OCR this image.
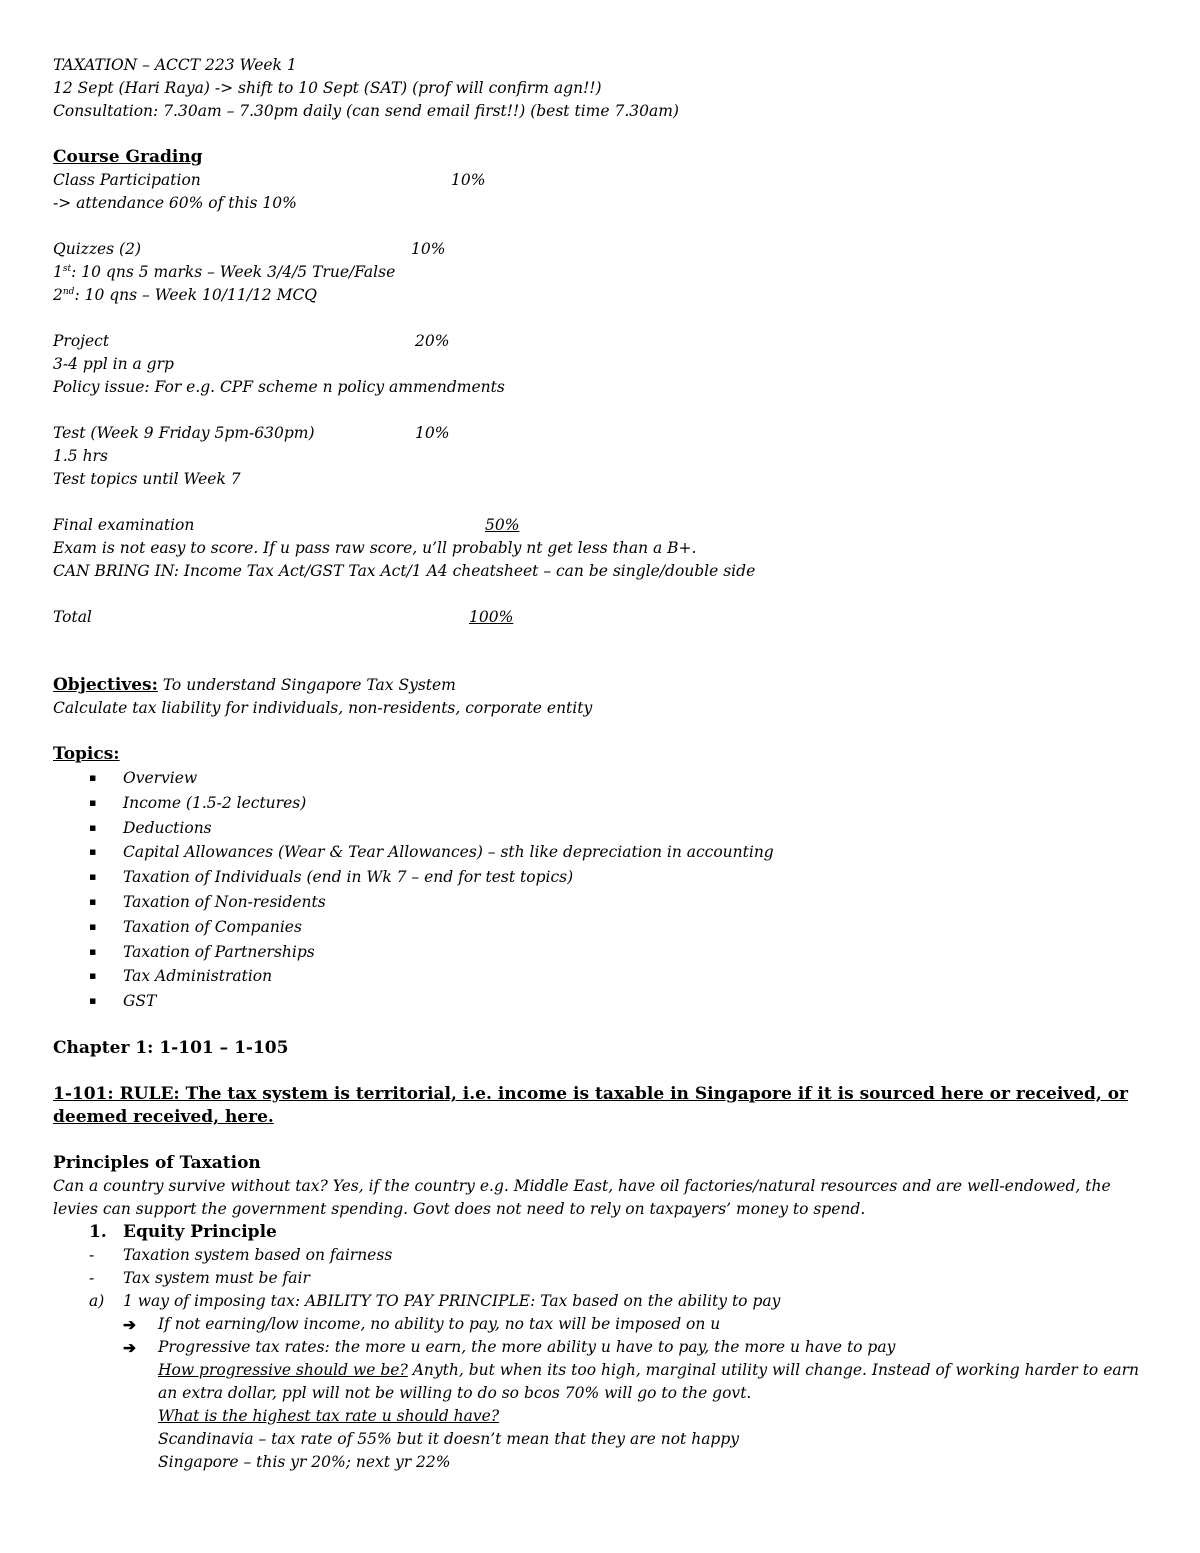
TAXATION – ACCT 223 Week 1
12 Sept (Hari Raya) -> shift to 10 Sept (SAT) (prof will confirm agn!!)
Consultation: 7.30am – 7.30pm daily (can send email first!!) (best time 7.30am)
Course Grading
Class Participation	10%
-> attendance 60% of this 10%
Quizzes (2)	10%
1st: 10 qns 5 marks – Week 3/4/5 True/False
2nd: 10 qns – Week 10/11/12 MCQ
Project	20%
3-4 ppl in a grp
Policy issue: For e.g. CPF scheme n policy ammendments
Test (Week 9 Friday 5pm-630pm)	10%
1.5 hrs
Test topics until Week 7
Final examination	50%
Exam is not easy to score. If u pass raw score, u’ll probably nt get less than a B+.
CAN BRING IN: Income Tax Act/GST Tax Act/1 A4 cheatsheet – can be single/double side
Total	100%
Objectives: To understand Singapore Tax System
Calculate tax liability for individuals, non-residents, corporate entity
Topics:
▪ Overview
▪ Income (1.5-2 lectures)
▪ Deductions
▪ Capital Allowances (Wear & Tear Allowances) – sth like depreciation in accounting
▪ Taxation of Individuals (end in Wk 7 – end for test topics)
▪ Taxation of Non-residents
▪ Taxation of Companies
▪ Taxation of Partnerships
▪ Tax Administration
▪ GST
Chapter 1: 1-101 – 1-105
1-101: RULE: The tax system is territorial, i.e. income is taxable in Singapore if it is sourced here or received, or deemed received, here.
Principles of Taxation
Can a country survive without tax? Yes, if the country e.g. Middle East, have oil factories/natural resources and are well-endowed, the levies can support the government spending. Govt does not need to rely on taxpayers’ money to spend.
1. Equity Principle
- Taxation system based on fairness
- Tax system must be fair
a) 1 way of imposing tax: ABILITY TO PAY PRINCIPLE: Tax based on the ability to pay
➔ If not earning/low income, no ability to pay, no tax will be imposed on u
➔ Progressive tax rates: the more u earn, the more ability u have to pay, the more u have to pay
How progressive should we be? Anyth, but when its too high, marginal utility will change. Instead of working harder to earn an extra dollar, ppl will not be willing to do so bcos 70% will go to the govt.
What is the highest tax rate u should have?
Scandinavia – tax rate of 55% but it doesn’t mean that they are not happy
Singapore – this yr 20%; next yr 22%
